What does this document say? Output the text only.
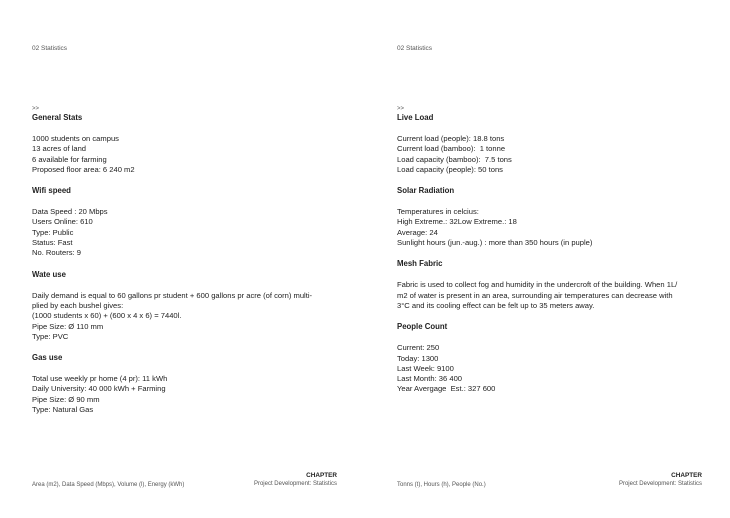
02 Statistics
>>
General Stats
1000 students on campus
13 acres of land
6 available for farming
Proposed floor area: 6 240 m2
Wifi speed
Data Speed : 20 Mbps
Users Online: 610
Type: Public
Status: Fast
No. Routers: 9
Wate use
Daily demand is equal to 60 gallons pr student + 600 gallons pr acre (of corn) multi-
plied by each bushel gives:
(1000 students x 60) + (600 x 4 x 6) = 7440l.
Pipe Size: Ø 110 mm
Type: PVC
Gas use
Total use weekly pr home (4 pr): 11 kWh
Daily University: 40 000 kWh + Farming
Pipe Size: Ø 90 mm
Type: Natural Gas
Area (m2), Data Speed (Mbps), Volume (l), Energy (kWh)
CHAPTER
Project Development: Statistics
02 Statistics
>>
Live Load
Current load (people): 18.8 tons
Current load (bamboo):  1 tonne
Load capacity (bamboo):  7.5 tons
Load capacity (people): 50 tons
Solar Radiation
Temperatures in celcius:
High Extreme.: 32Low Extreme.: 18
Average: 24
Sunlight hours (jun.-aug.) : more than 350 hours (in puple)
Mesh Fabric
Fabric is used to collect fog and humidity in the undercroft of the building. When 1L/
m2 of water is present in an area, surrounding air temperatures can decrease with
3°C and its cooling effect can be felt up to 35 meters away.
People Count
Current: 250
Today: 1300
Last Week: 9100
Last Month: 36 400
Year Avergage  Est.: 327 600
Tonns (t), Hours (h), People (No.)
CHAPTER
Project Development: Statistics
